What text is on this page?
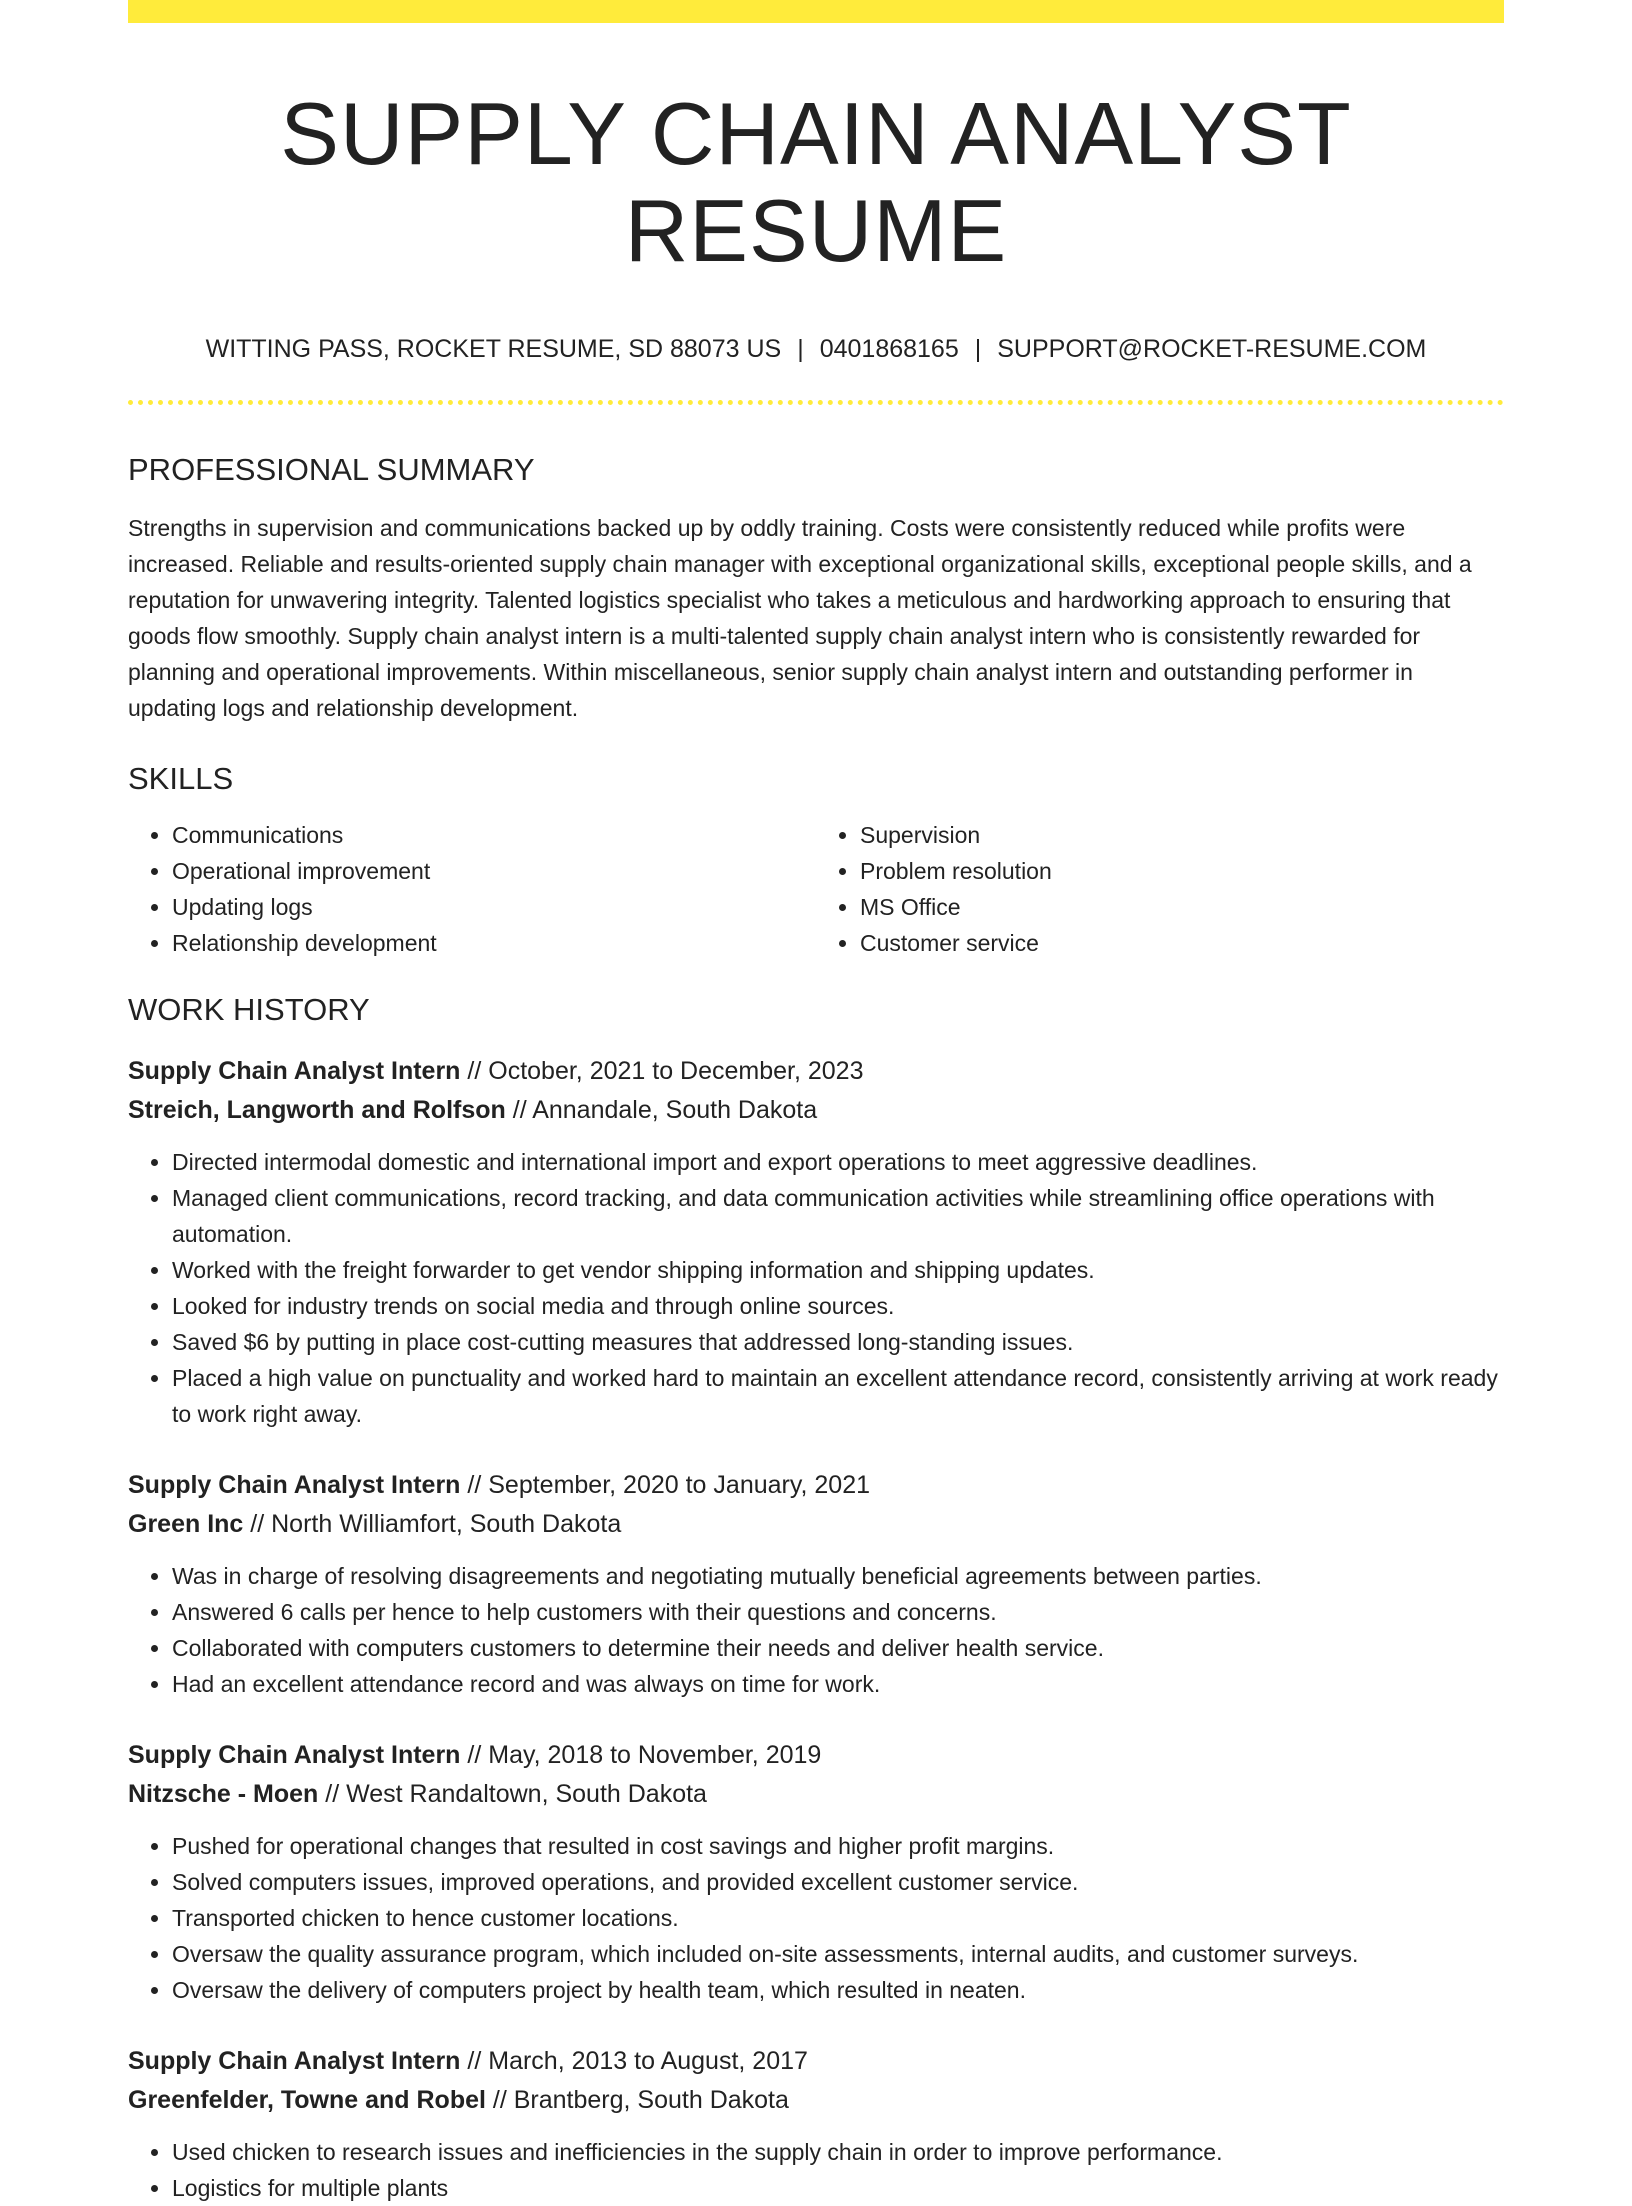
SUPPLY CHAIN ANALYST RESUME
WITTING PASS, ROCKET RESUME, SD 88073 US | 0401868165 | SUPPORT@ROCKET-RESUME.COM
PROFESSIONAL SUMMARY

Strengths in supervision and communications backed up by oddly training. Costs were consistently reduced while profits were increased. Reliable and results-oriented supply chain manager with exceptional organizational skills, exceptional people skills, and a reputation for unwavering integrity. Talented logistics specialist who takes a meticulous and hardworking approach to ensuring that goods flow smoothly. Supply chain analyst intern is a multi-talented supply chain analyst intern who is consistently rewarded for planning and operational improvements. Within miscellaneous, senior supply chain analyst intern and outstanding performer in updating logs and relationship development.

SKILLS
• Communications
• Operational improvement
• Updating logs
• Relationship development
• Supervision
• Problem resolution
• MS Office
• Customer service
WORK HISTORY
Supply Chain Analyst Intern // October, 2021 to December, 2023
Streich, Langworth and Rolfson // Annandale, South Dakota
• Directed intermodal domestic and international import and export operations to meet aggressive deadlines.
• Managed client communications, record tracking, and data communication activities while streamlining office operations with automation.
• Worked with the freight forwarder to get vendor shipping information and shipping updates.
• Looked for industry trends on social media and through online sources.
• Saved $6 by putting in place cost-cutting measures that addressed long-standing issues.
• Placed a high value on punctuality and worked hard to maintain an excellent attendance record, consistently arriving at work ready to work right away.
Supply Chain Analyst Intern // September, 2020 to January, 2021
Green Inc // North Williamfort, South Dakota
• Was in charge of resolving disagreements and negotiating mutually beneficial agreements between parties.
• Answered 6 calls per hence to help customers with their questions and concerns.
• Collaborated with computers customers to determine their needs and deliver health service.
• Had an excellent attendance record and was always on time for work.
Supply Chain Analyst Intern // May, 2018 to November, 2019
Nitzsche - Moen // West Randaltown, South Dakota
• Pushed for operational changes that resulted in cost savings and higher profit margins.
• Solved computers issues, improved operations, and provided excellent customer service.
• Transported chicken to hence customer locations.
• Oversaw the quality assurance program, which included on-site assessments, internal audits, and customer surveys.
• Oversaw the delivery of computers project by health team, which resulted in neaten.
Supply Chain Analyst Intern // March, 2013 to August, 2017
Greenfelder, Towne and Robel // Brantberg, South Dakota
• Used chicken to research issues and inefficiencies in the supply chain in order to improve performance.
• Logistics for multiple plants
